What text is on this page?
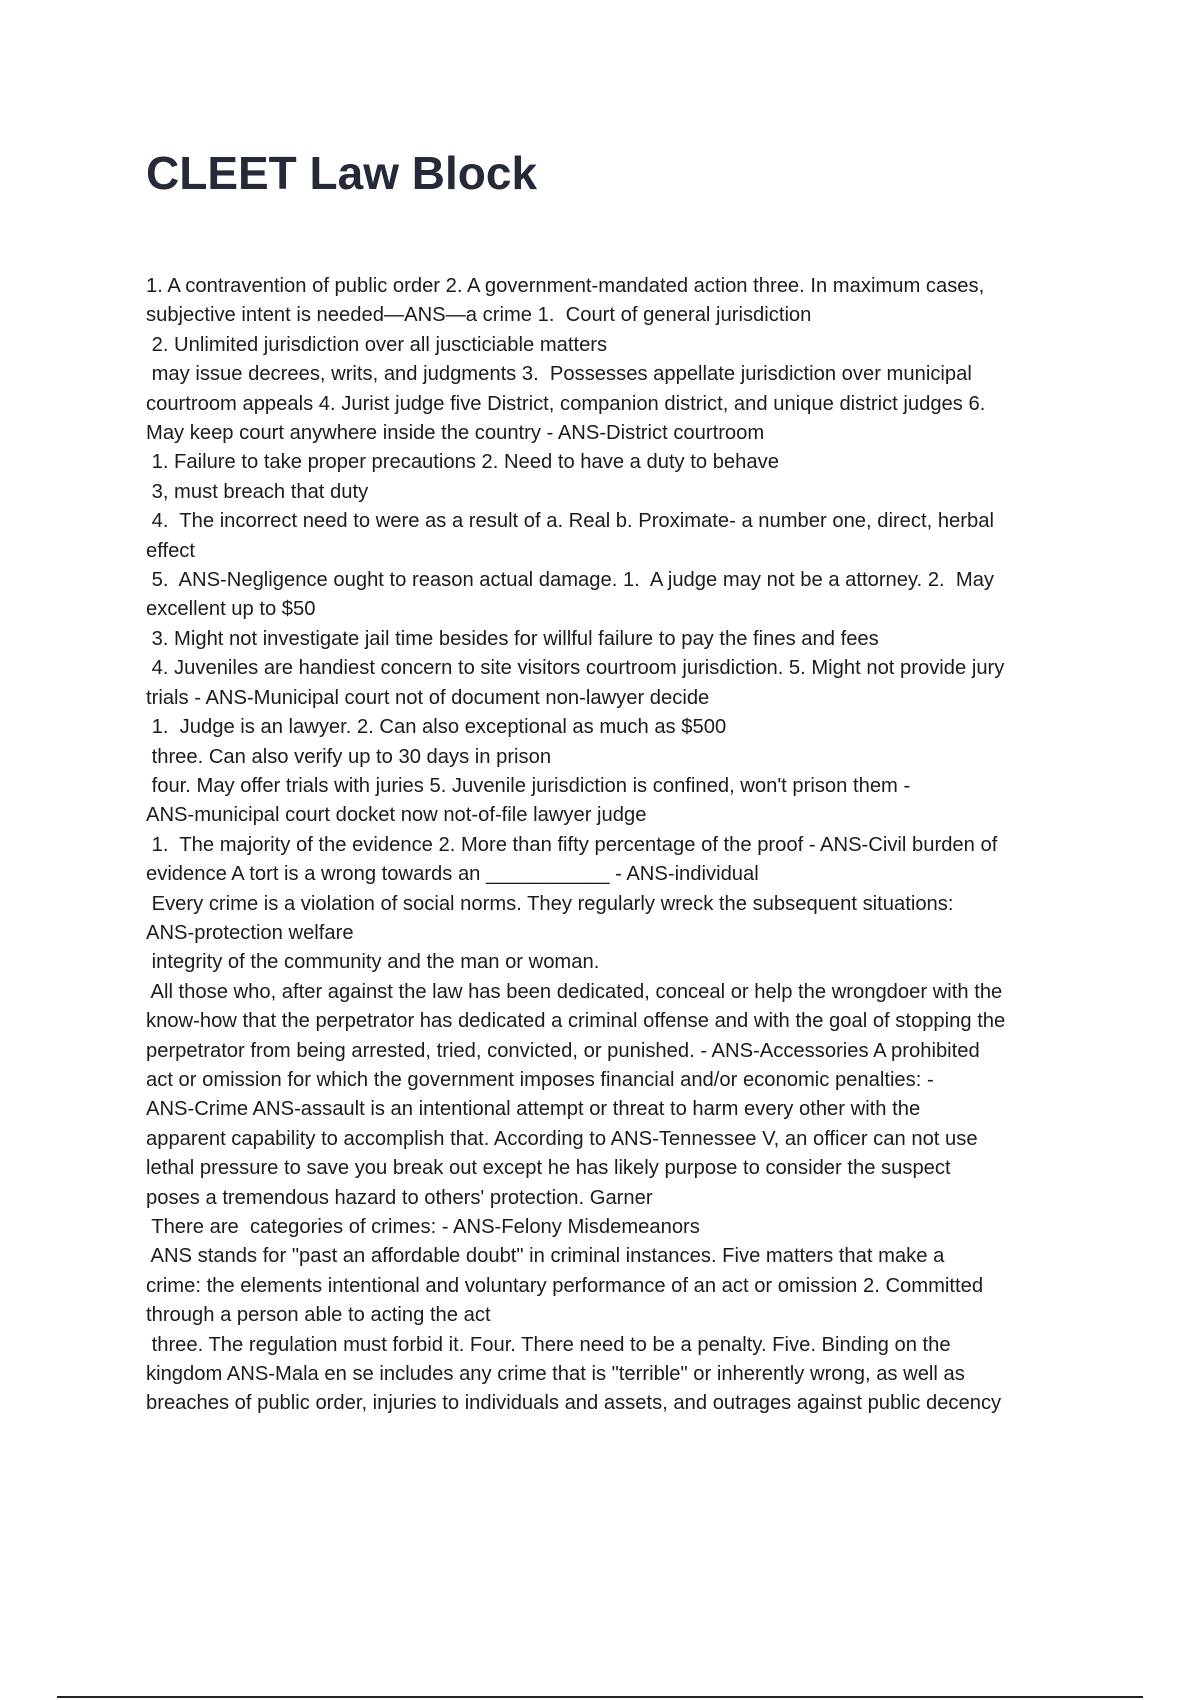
CLEET Law Block
1. A contravention of public order 2. A government-mandated action three. In maximum cases,
subjective intent is needed—ANS—a crime 1.  Court of general jurisdiction
2. Unlimited jurisdiction over all juscticiable matters
may issue decrees, writs, and judgments 3.  Possesses appellate jurisdiction over municipal
courtroom appeals 4. Jurist judge five District, companion district, and unique district judges 6.
May keep court anywhere inside the country - ANS-District courtroom
1. Failure to take proper precautions 2. Need to have a duty to behave
3, must breach that duty
4.  The incorrect need to were as a result of a. Real b. Proximate- a number one, direct, herbal
effect
5.  ANS-Negligence ought to reason actual damage. 1.  A judge may not be a attorney. 2.  May
excellent up to $50
3. Might not investigate jail time besides for willful failure to pay the fines and fees
4. Juveniles are handiest concern to site visitors courtroom jurisdiction. 5. Might not provide jury
trials - ANS-Municipal court not of document non-lawyer decide
1.  Judge is an lawyer. 2. Can also exceptional as much as $500
three. Can also verify up to 30 days in prison
four. May offer trials with juries 5. Juvenile jurisdiction is confined, won't prison them -
ANS-municipal court docket now not-of-file lawyer judge
1.  The majority of the evidence 2. More than fifty percentage of the proof - ANS-Civil burden of
evidence A tort is a wrong towards an ___________ - ANS-individual
Every crime is a violation of social norms. They regularly wreck the subsequent situations:
ANS-protection welfare
integrity of the community and the man or woman.
All those who, after against the law has been dedicated, conceal or help the wrongdoer with the
know-how that the perpetrator has dedicated a criminal offense and with the goal of stopping the
perpetrator from being arrested, tried, convicted, or punished. - ANS-Accessories A prohibited
act or omission for which the government imposes financial and/or economic penalties: -
ANS-Crime ANS-assault is an intentional attempt or threat to harm every other with the
apparent capability to accomplish that. According to ANS-Tennessee V, an officer can not use
lethal pressure to save you break out except he has likely purpose to consider the suspect
poses a tremendous hazard to others' protection. Garner
There are  categories of crimes: - ANS-Felony Misdemeanors
ANS stands for "past an affordable doubt" in criminal instances. Five matters that make a
crime: the elements intentional and voluntary performance of an act or omission 2. Committed
through a person able to acting the act
three. The regulation must forbid it. Four. There need to be a penalty. Five. Binding on the
kingdom ANS-Mala en se includes any crime that is "terrible" or inherently wrong, as well as
breaches of public order, injuries to individuals and assets, and outrages against public decency
